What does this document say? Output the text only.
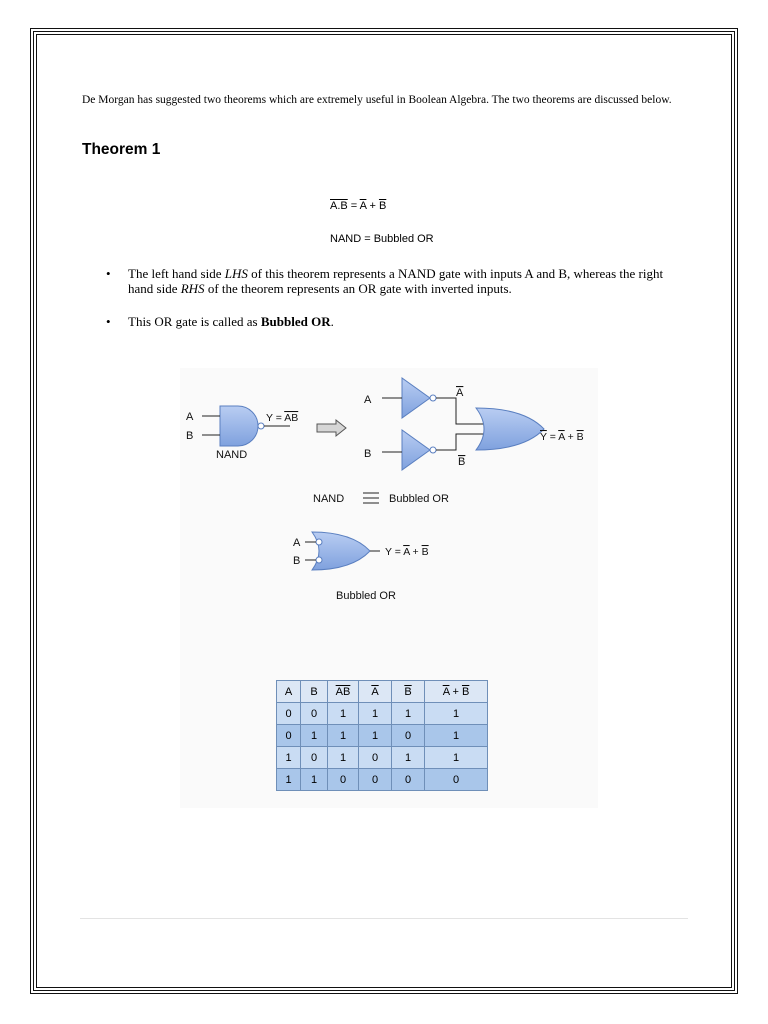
De Morgan has suggested two theorems which are extremely useful in Boolean Algebra. The two theorems are discussed below.

Theorem 1
$A.B = \overline{A} + \overline{B}$
NAND = Bubbled OR

• The left hand side LHS of this theorem represents a NAND gate with inputs A and B, whereas the right hand side RHS of the theorem represents an OR gate with inverted inputs.

• This OR gate is called as Bubbled OR.

A
B
Y = AB
NAND
A
A
B
B
Y = A + B
NAND	Bubbled OR
A
B
Y = A + B
Bubbled OR
A	B	$\overline{AB}$	$\overline{A}$	$\overline{B}$	$\overline{A} + \overline{B}$
0	0	1	1	1	1
0	1	1	1	0	1
1	0	1	0	1	1
1	1	0	0	0	0
